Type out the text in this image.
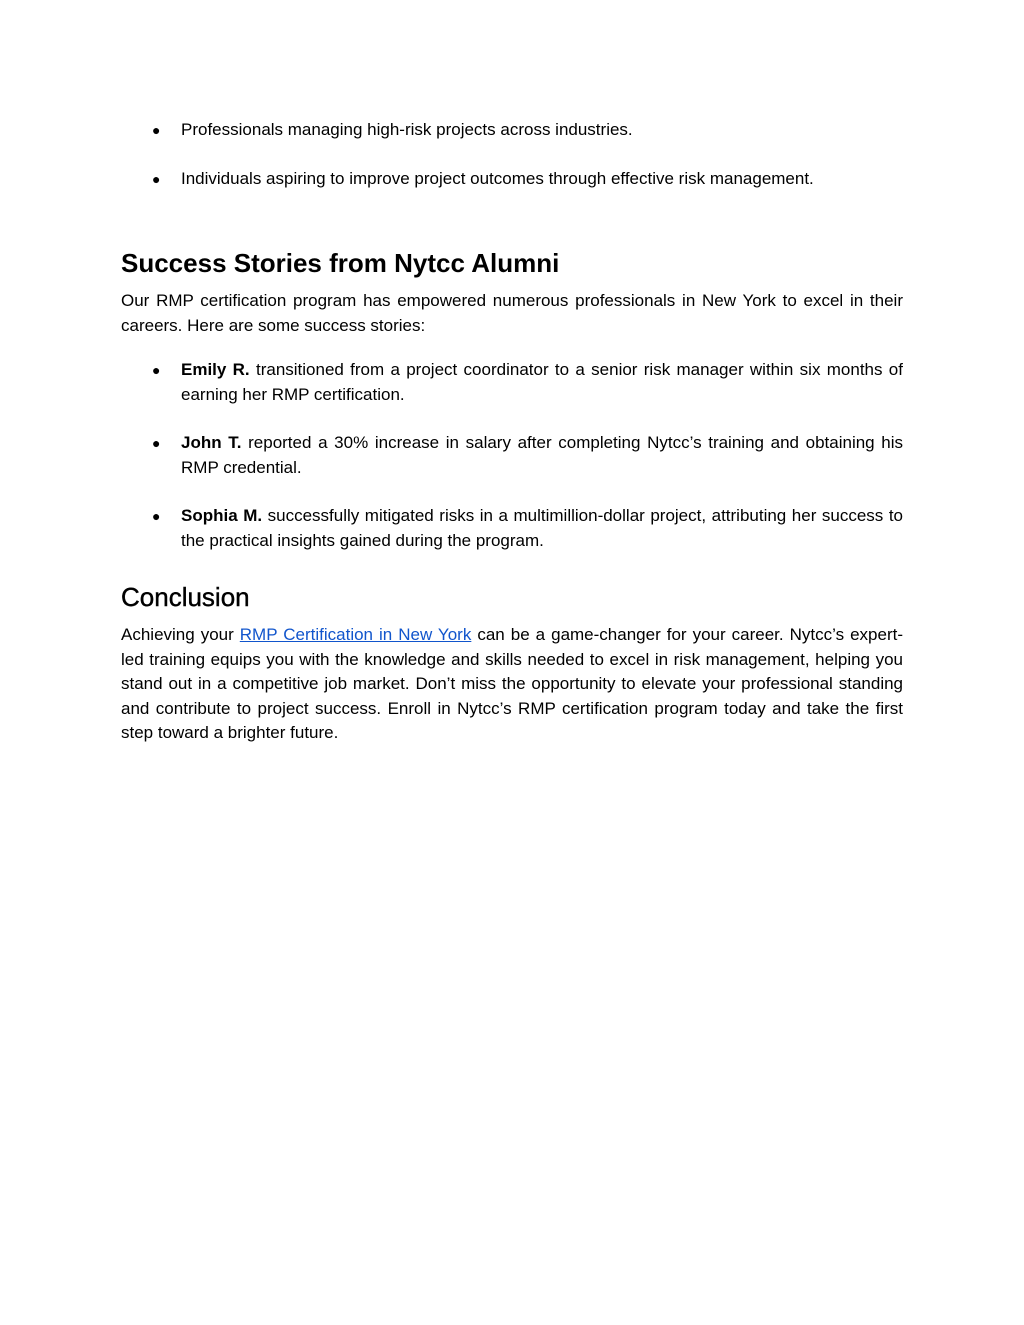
● Professionals managing high-risk projects across industries.
● Individuals aspiring to improve project outcomes through effective risk management.
Success Stories from Nytcc Alumni

Our RMP certification program has empowered numerous professionals in New York to excel in their careers. Here are some success stories:

● Emily R. transitioned from a project coordinator to a senior risk manager within six months of earning her RMP certification.
● John T. reported a 30% increase in salary after completing Nytcc’s training and obtaining his RMP credential.
● Sophia M. successfully mitigated risks in a multimillion-dollar project, attributing her success to the practical insights gained during the program.
Conclusion

Achieving your RMP Certification in New York can be a game-changer for your career. Nytcc’s expert-led training equips you with the knowledge and skills needed to excel in risk management, helping you stand out in a competitive job market. Don’t miss the opportunity to elevate your professional standing and contribute to project success. Enroll in Nytcc’s RMP certification program today and take the first step toward a brighter future.
